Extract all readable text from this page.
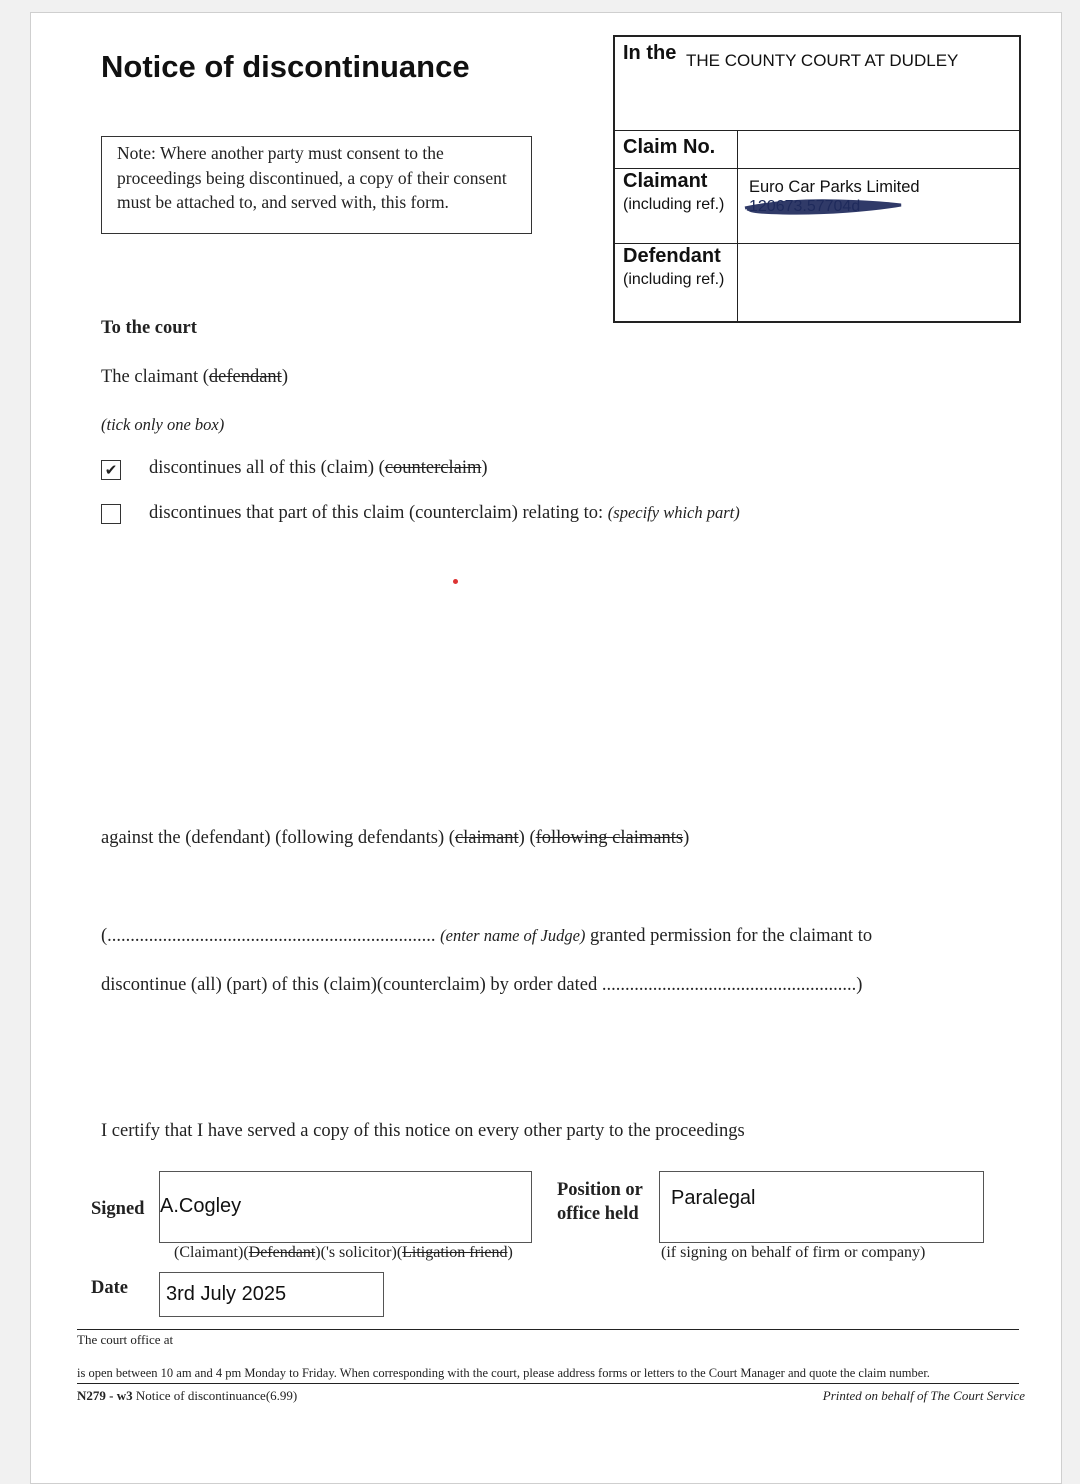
Notice of discontinuance
Note: Where another party must consent to the proceedings being discontinued, a copy of their consent must be attached to, and served with, this form.
In the THE COUNTY COURT AT DUDLEY
Claim No.
Claimant
(including ref.)
Euro Car Parks Limited
Defendant
(including ref.)
To the court
The claimant (defendant)
(tick only one box)
✔ discontinues all of this (claim) (counterclaim)
discontinues that part of this claim (counterclaim) relating to: (specify which part)
against the (defendant) (following defendants) (claimant) (following claimants)
(....................................................................... (enter name of Judge) granted permission for the claimant to
discontinue (all) (part) of this (claim)(counterclaim) by order dated .......................................................)
I certify that I have served a copy of this notice on every other party to the proceedings
Signed A.Cogley
(Claimant)(Defendant)('s solicitor)(Litigation friend)
Position or
office held
Paralegal
(if signing on behalf of firm or company)
Date 3rd July 2025
The court office at
is open between 10 am and 4 pm Monday to Friday. When corresponding with the court, please address forms or letters to the Court Manager and quote the claim number.
N279 - w3 Notice of discontinuance(6.99)	Printed on behalf of The Court Service
